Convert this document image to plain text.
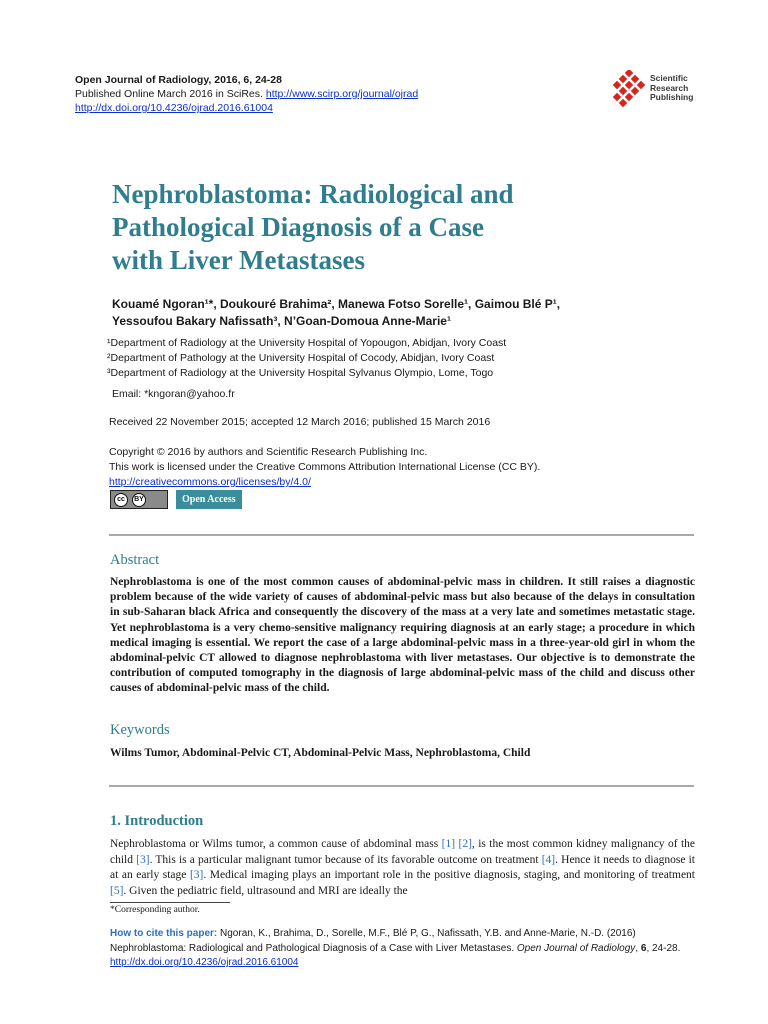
Open Journal of Radiology, 2016, 6, 24-28
Published Online March 2016 in SciRes. http://www.scirp.org/journal/ojrad
http://dx.doi.org/10.4236/ojrad.2016.61004
Scientific
Research
Publishing
Nephroblastoma: Radiological and
Pathological Diagnosis of a Case
with Liver Metastases
Kouamé Ngoran¹*, Doukouré Brahima², Manewa Fotso Sorelle¹, Gaimou Blé P¹,
Yessoufou Bakary Nafissath³, N’Goan-Domoua Anne-Marie¹
¹Department of Radiology at the University Hospital of Yopougon, Abidjan, Ivory Coast
²Department of Pathology at the University Hospital of Cocody, Abidjan, Ivory Coast
³Department of Radiology at the University Hospital Sylvanus Olympio, Lome, Togo
Email: *kngoran@yahoo.fr
Received 22 November 2015; accepted 12 March 2016; published 15 March 2016
Copyright © 2016 by authors and Scientific Research Publishing Inc.
This work is licensed under the Creative Commons Attribution International License (CC BY).
http://creativecommons.org/licenses/by/4.0/
cc	BY	Open Access
Abstract

Nephroblastoma is one of the most common causes of abdominal-pelvic mass in children. It still raises a diagnostic problem because of the wide variety of causes of abdominal-pelvic mass but also because of the delays in consultation in sub-Saharan black Africa and consequently the discovery of the mass at a very late and sometimes metastatic stage. Yet nephroblastoma is a very chemo-sensitive malignancy requiring diagnosis at an early stage; a procedure in which medical imaging is essential. We report the case of a large abdominal-pelvic mass in a three-year-old girl in whom the abdominal-pelvic CT allowed to diagnose nephroblastoma with liver metastases. Our objective is to demonstrate the contribution of computed tomography in the diagnosis of large abdominal-pelvic mass of the child and discuss other causes of abdominal-pelvic mass of the child.

Keywords
Wilms Tumor, Abdominal-Pelvic CT, Abdominal-Pelvic Mass, Nephroblastoma, Child
1. Introduction

Nephroblastoma or Wilms tumor, a common cause of abdominal mass [1] [2], is the most common kidney malignancy of the child [3]. This is a particular malignant tumor because of its favorable outcome on treatment [4]. Hence it needs to diagnose it at an early stage [3]. Medical imaging plays an important role in the positive diagnosis, staging, and monitoring of treatment [5]. Given the pediatric field, ultrasound and MRI are ideally the

*Corresponding author.
How to cite this paper: Ngoran, K., Brahima, D., Sorelle, M.F., Blé P, G., Nafissath, Y.B. and Anne-Marie, N.-D. (2016) Nephroblastoma: Radiological and Pathological Diagnosis of a Case with Liver Metastases. Open Journal of Radiology, 6, 24-28.
http://dx.doi.org/10.4236/ojrad.2016.61004
